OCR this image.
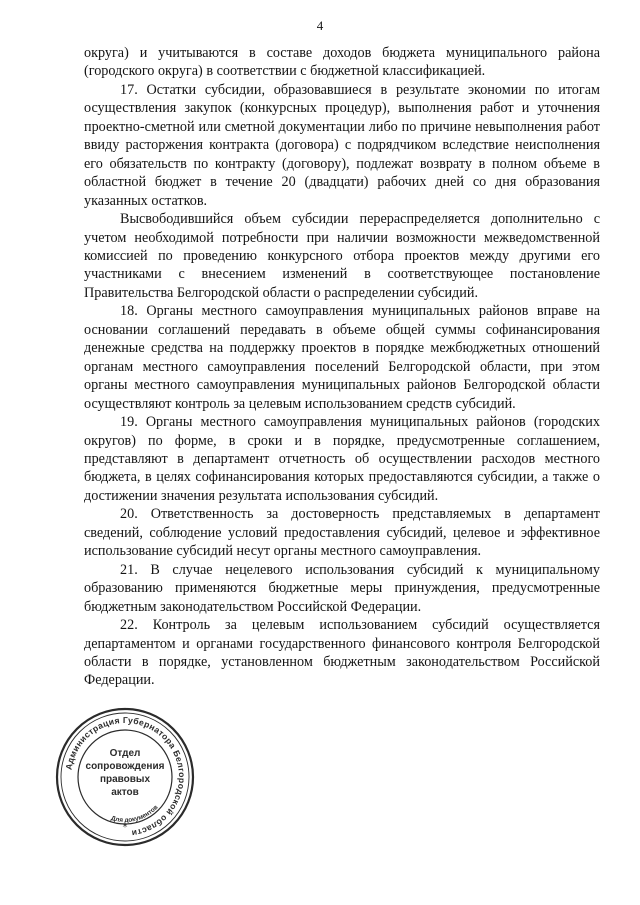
4

округа) и учитываются в составе доходов бюджета муниципального района (городского округа) в соответствии с бюджетной классификацией.

17. Остатки субсидии, образовавшиеся в результате экономии по итогам осуществления закупок (конкурсных процедур), выполнения работ и уточнения проектно-сметной или сметной документации либо по причине невыполнения работ ввиду расторжения контракта (договора) с подрядчиком вследствие неисполнения его обязательств по контракту (договору), подлежат возврату в полном объеме в областной бюджет в течение 20 (двадцати) рабочих дней со дня образования указанных остатков.

Высвободившийся объем субсидии перераспределяется дополнительно с учетом необходимой потребности при наличии возможности межведомственной комиссией по проведению конкурсного отбора проектов между другими его участниками с внесением изменений в соответствующее постановление Правительства Белгородской области о распределении субсидий.

18. Органы местного самоуправления муниципальных районов вправе на основании соглашений передавать в объеме общей суммы софинансирования денежные средства на поддержку проектов в порядке межбюджетных отношений органам местного самоуправления поселений Белгородской области, при этом органы местного самоуправления муниципальных районов Белгородской области осуществляют контроль за целевым использованием средств субсидий.

19. Органы местного самоуправления муниципальных районов (городских округов) по форме, в сроки и в порядке, предусмотренные соглашением, представляют в департамент отчетность об осуществлении расходов местного бюджета, в целях софинансирования которых предоставляются субсидии, а также о достижении значения результата использования субсидий.

20. Ответственность за достоверность представляемых в департамент сведений, соблюдение условий предоставления субсидий, целевое и эффективное использование субсидий несут органы местного самоуправления.

21. В случае нецелевого использования субсидий к муниципальному образованию применяются бюджетные меры принуждения, предусмотренные бюджетным законодательством Российской Федерации.

22. Контроль за целевым использованием субсидий осуществляется департаментом и органами государственного финансового контроля Белгородской области в порядке, установленном бюджетным законодательством Российской Федерации.

Администрация Губернатора Белгородской области
Для документов
*
Отдел
сопровождения
правовых
актов
